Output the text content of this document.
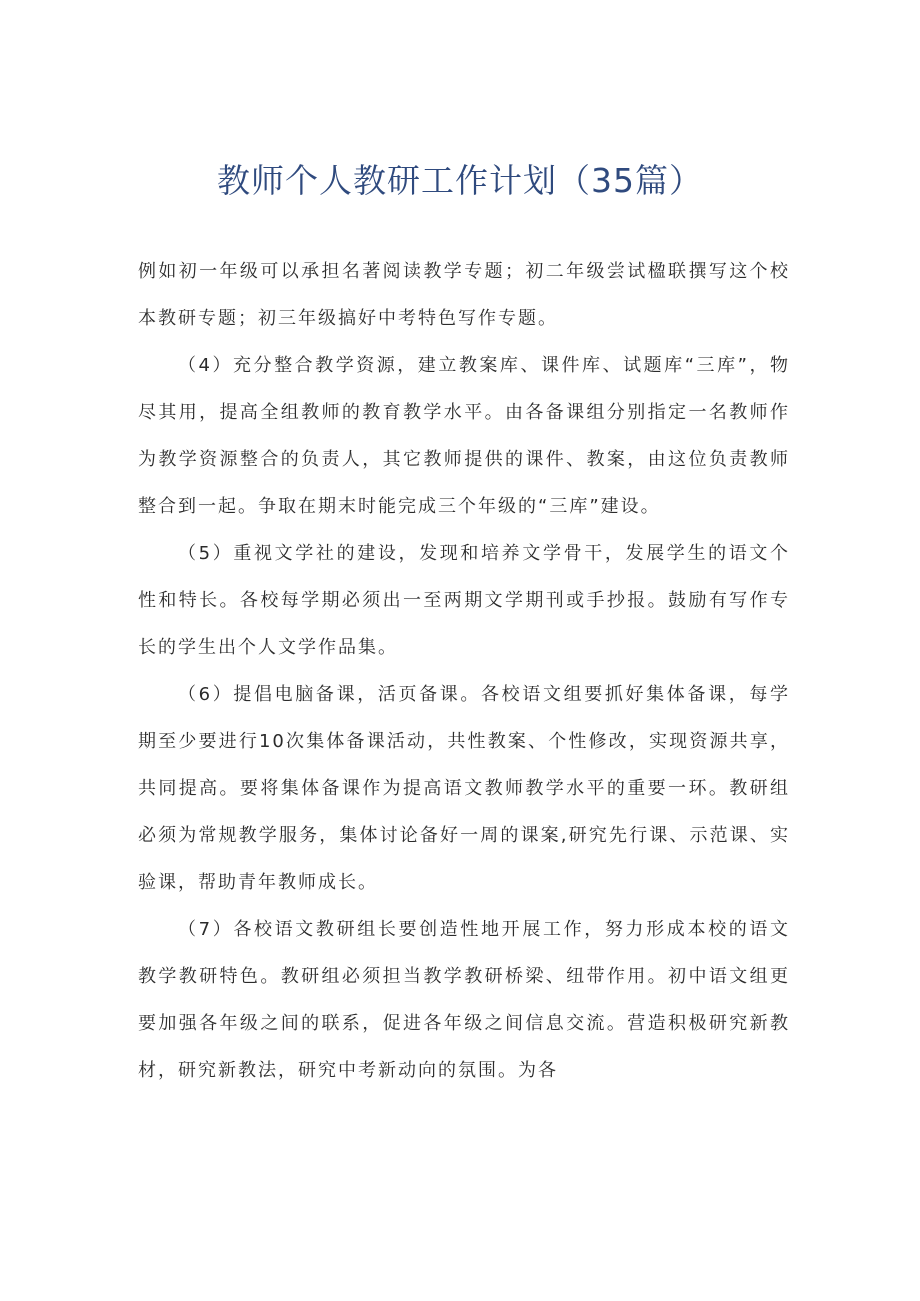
教师个人教研工作计划（35篇）

例如初一年级可以承担名著阅读教学专题；初二年级尝试楹联撰写这个校本教研专题；初三年级搞好中考特色写作专题。

（4）充分整合教学资源，建立教案库、课件库、试题库“三库”，物尽其用，提高全组教师的教育教学水平。由各备课组分别指定一名教师作为教学资源整合的负责人，其它教师提供的课件、教案，由这位负责教师整合到一起。争取在期末时能完成三个年级的“三库”建设。

（5）重视文学社的建设，发现和培养文学骨干，发展学生的语文个性和特长。各校每学期必须出一至两期文学期刊或手抄报。鼓励有写作专长的学生出个人文学作品集。

（6）提倡电脑备课，活页备课。各校语文组要抓好集体备课，每学期至少要进行10次集体备课活动，共性教案、个性修改，实现资源共享，共同提高。要将集体备课作为提高语文教师教学水平的重要一环。教研组必须为常规教学服务，集体讨论备好一周的课案,研究先行课、示范课、实验课，帮助青年教师成长。

（7）各校语文教研组长要创造性地开展工作，努力形成本校的语文教学教研特色。教研组必须担当教学教研桥梁、纽带作用。初中语文组更要加强各年级之间的联系，促进各年级之间信息交流。营造积极研究新教材，研究新教法，研究中考新动向的氛围。为各
